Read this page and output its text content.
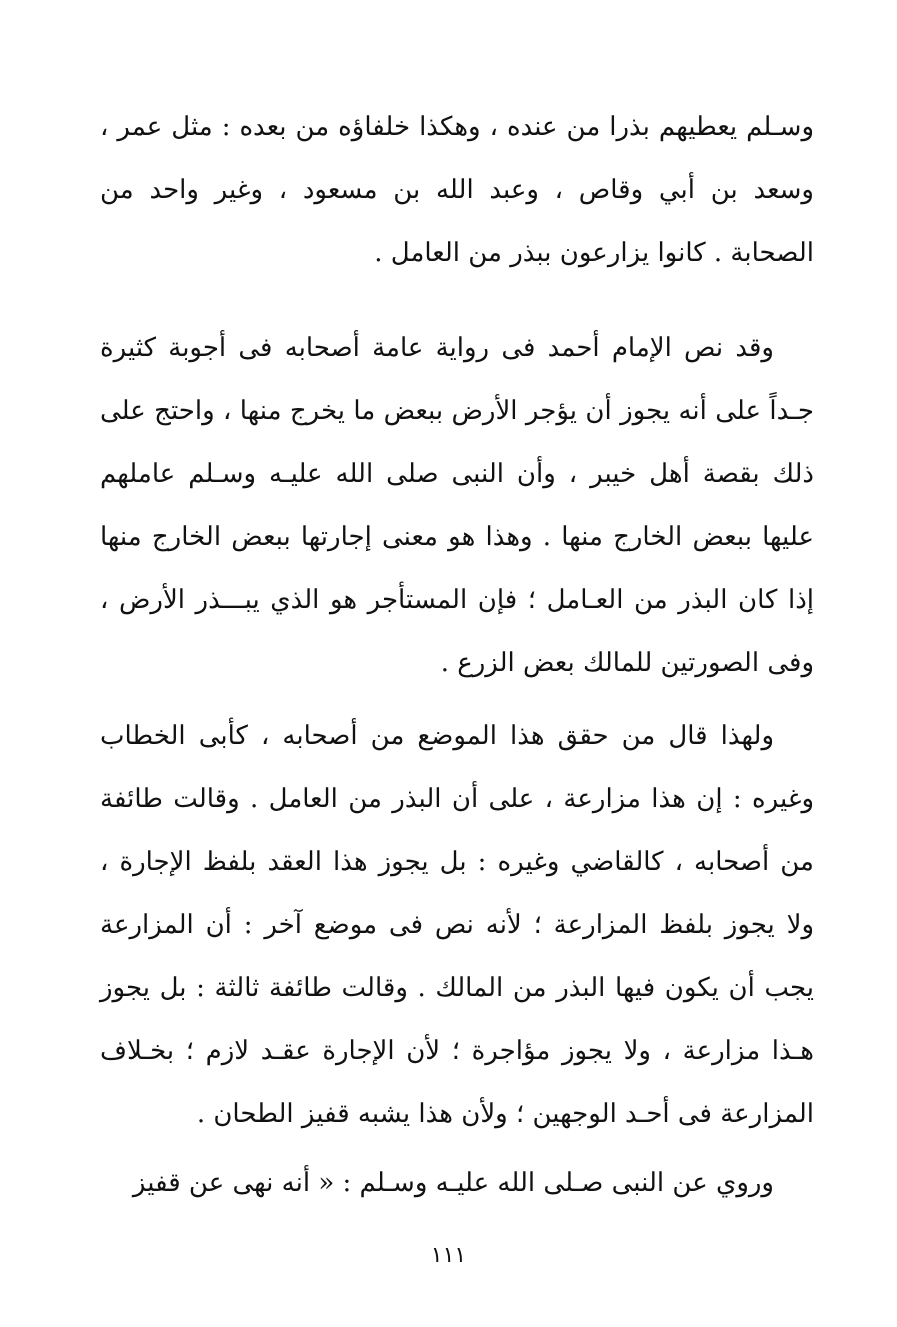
وسـلم يعطيهم بذرا من عنده ، وهكذا خلفاؤه من بعده : مثل عمر ، وسعد بن أبي وقاص ، وعبد الله بن مسعود ، وغير واحد من الصحابة . كانوا يزارعون ببذر من العامل .

وقد نص الإمام أحمد فى رواية عامة أصحابه فى أجوبة كثيرة جـداً على أنه يجوز أن يؤجر الأرض ببعض ما يخرج منها ، واحتج على ذلك بقصة أهل خيبر ، وأن النبى صلى الله عليـه وسـلم عاملهم عليها ببعض الخارج منها . وهذا هو معنى إجارتها ببعض الخارج منها إذا كان البذر من العـامل ؛ فإن المستأجر هو الذي يبـــذر الأرض ، وفى الصورتين للمالك بعض الزرع .

ولهذا قال من حقق هذا الموضع من أصحابه ، كأبى الخطاب وغيره : إن هذا مزارعة ، على أن البذر من العامل . وقالت طائفة من أصحابه ، كالقاضي وغيره : بل يجوز هذا العقد بلفظ الإجارة ، ولا يجوز بلفظ المزارعة ؛ لأنه نص فى موضع آخر : أن المزارعة يجب أن يكون فيها البذر من المالك . وقالت طائفة ثالثة : بل يجوز هـذا مزارعة ، ولا يجوز مؤاجرة ؛ لأن الإجارة عقـد لازم ؛ بخـلاف المزارعة فى أحـد الوجهين ؛ ولأن هذا يشبه قفيز الطحان .

وروي عن النبى صـلى الله عليـه وسـلم : « أنه نهى عن قفيز

١١١
